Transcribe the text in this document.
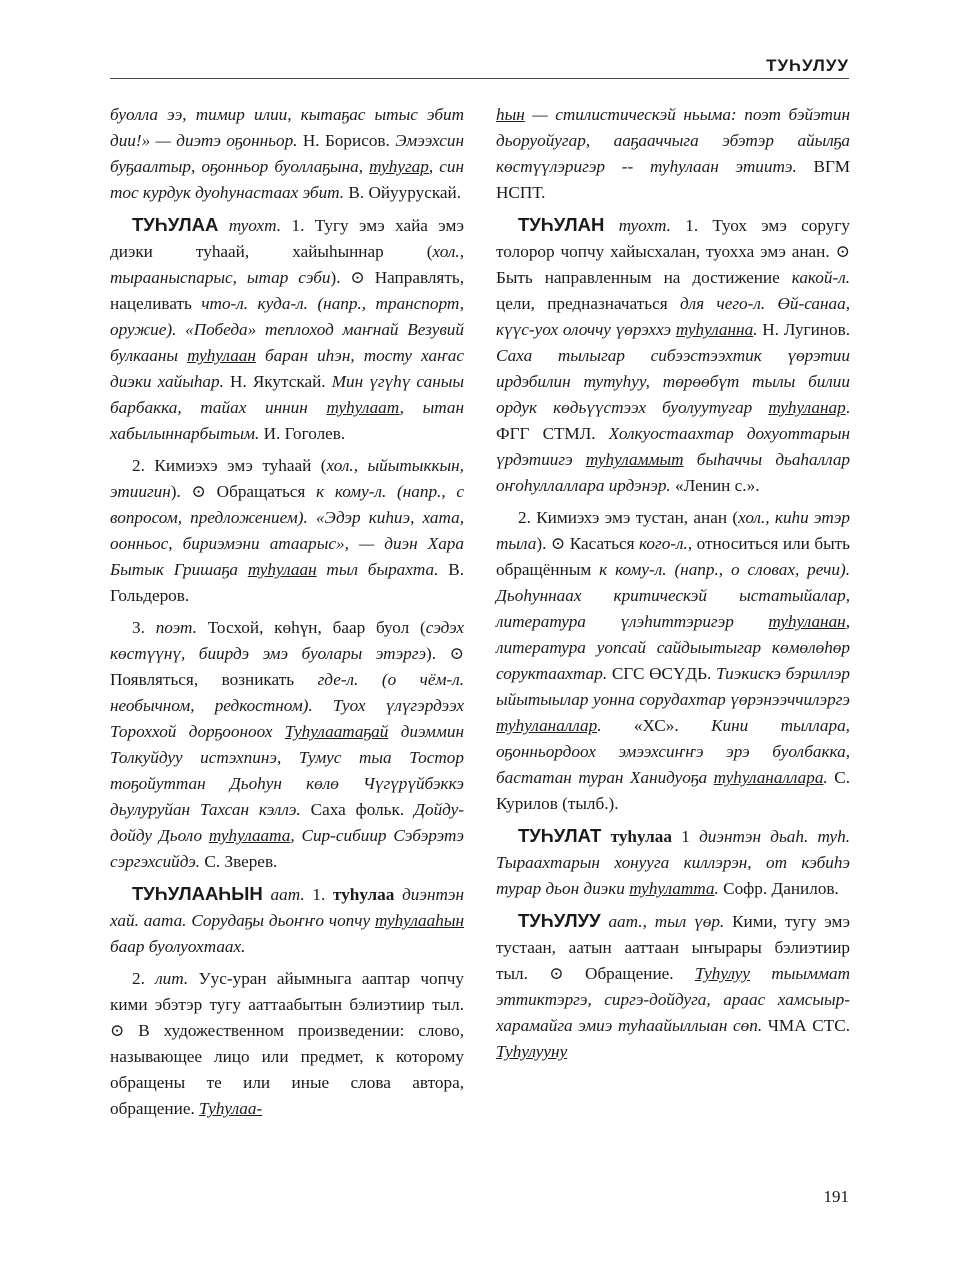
ТУҺУЛУУ

буолла ээ, тимир илии, кытаҕас ытыс эбит дии!» — диэтэ оҕонньор. Н. Борисов. Эмээхсин буҕаалтыр, оҕонньор буоллаҕына, туһугар, син тос курдук дуоһунастаах эбит. В. Ойуурускай.

ТУҺУЛАА туохт. 1. Тугу эмэ хайа эмэ диэки туһаай, хайыһыннар (хол., тырааныспарыс, ытар сэби). ⊙ Направлять, нацеливать что-л. куда-л. (напр., транспорт, оружие). «Победа» теплоход маҥнай Везувий булкааны туһулаан баран иһэн, тосту хаҥас диэки хайыһар. Н. Якутскай. Мин үгүһү саныы барбакка, тайах иннин туһулаат, ытан хабылыннарбытым. И. Гоголев.

2. Кимиэхэ эмэ туһаай (хол., ыйытыккын, этиигин). ⊙ Обращаться к кому-л. (напр., с вопросом, предложением). «Эдэр киһиэ, хата, оонньос, бириэмэни атаарыс», — диэн Хара Бытык Гришаҕа туһулаан тыл бырахта. В. Гольдеров.

3. поэт. Тосхой, көһүн, баар буол (сэдэх көстүүнү, биирдэ эмэ буолары этэргэ). ⊙ Появляться, возникать где-л. (о чём-л. необычном, редкостном). Туох үлүгэрдээх Тороххой дорҕооноох Туһулаатаҕай диэммин Толкуйдуу истэхпинэ, Тумус тыа Тостор тоҕойуттан Дьоһун көлө Чүгүрүйбэккэ дьулуруйан Тахсан кэллэ. Саха фольк. Дойду-дойду Дьоло туһулаата, Сир-сибиир Сэбэрэтэ сэргэхсийдэ. С. Зверев.

ТУҺУЛААҺЫН аат. 1. туһулаа диэнтэн хай. аата. Сорудаҕы дьоҥҥо чопчу туһулааһын баар буолуохтаах.

2. лит. Уус-уран айымныга ааптар чопчу кими эбэтэр тугу ааттаабытын бэлиэтиир тыл. ⊙ В художественном произведении: слово, называющее лицо или предмет, к которому обращены те или иные слова автора, обращение. Туһулаа-

һын — стилистическэй ньыма: поэт бэйэтин дьоруойугар, ааҕааччыга эбэтэр айылҕа көстүүлэригэр -- туһулаан этиитэ. ВГМ НСПТ.

ТУҺУЛАН туохт. 1. Туох эмэ соругу толорор чопчу хайысхалан, туохха эмэ анан. ⊙ Быть направленным на достижение какой-л. цели, предназначаться для чего-л. Өй-санаа, күүс-уох олоччу үөрэххэ туһуланна. Н. Лугинов. Саха тылыгар сибээстээхтик үөрэтии ирдэбилин тутуһуу, төрөөбүт тылы билии ордук көдьүүстээх буолуутугар туһуланар. ФГГ СТМЛ. Холкуостаахтар дохуоттарын үрдэтиигэ туһуламмыт быһаччы дьаһаллар оҥоһуллаллара ирдэнэр. «Ленин с.».

2. Кимиэхэ эмэ тустан, анан (хол., киһи этэр тыла). ⊙ Касаться кого-л., относиться или быть обращённым к кому-л. (напр., о словах, речи). Дьоһуннаах критическэй ыстатыйалар, литература үлэһиттэригэр туһуланан, литература уопсай сайдыытыгар көмөлөһөр соруктаахтар. СГС ӨСҮДЬ. Тиэкискэ бэриллэр ыйытыылар уонна сорудахтар үөрэнээччилэргэ туһуланаллар. «ХС». Кини тыллара, оҕонньордоох эмээхсиҥҥэ эрэ буолбакка, бастатан туран Ханидуоҕа туһуланаллара. С. Курилов (тылб.).

ТУҺУЛАТ туһулаа 1 диэнтэн дьаһ. туһ. Тыраахтарын хонууга киллэрэн, от кэбиһэ турар дьон диэки туһулатта. Софр. Данилов.

ТУҺУЛУУ аат., тыл үөр. Кими, тугу эмэ тустаан, аатын ааттаан ыҥырары бэлиэтиир тыл. ⊙ Обращение. Туһулуу тыыммат эттиктэргэ, сиргэ-дойдуга, араас хамсыыр-харамайга эмиэ туһаайыллыан сөп. ЧМА СТС. Туһулууну

191
